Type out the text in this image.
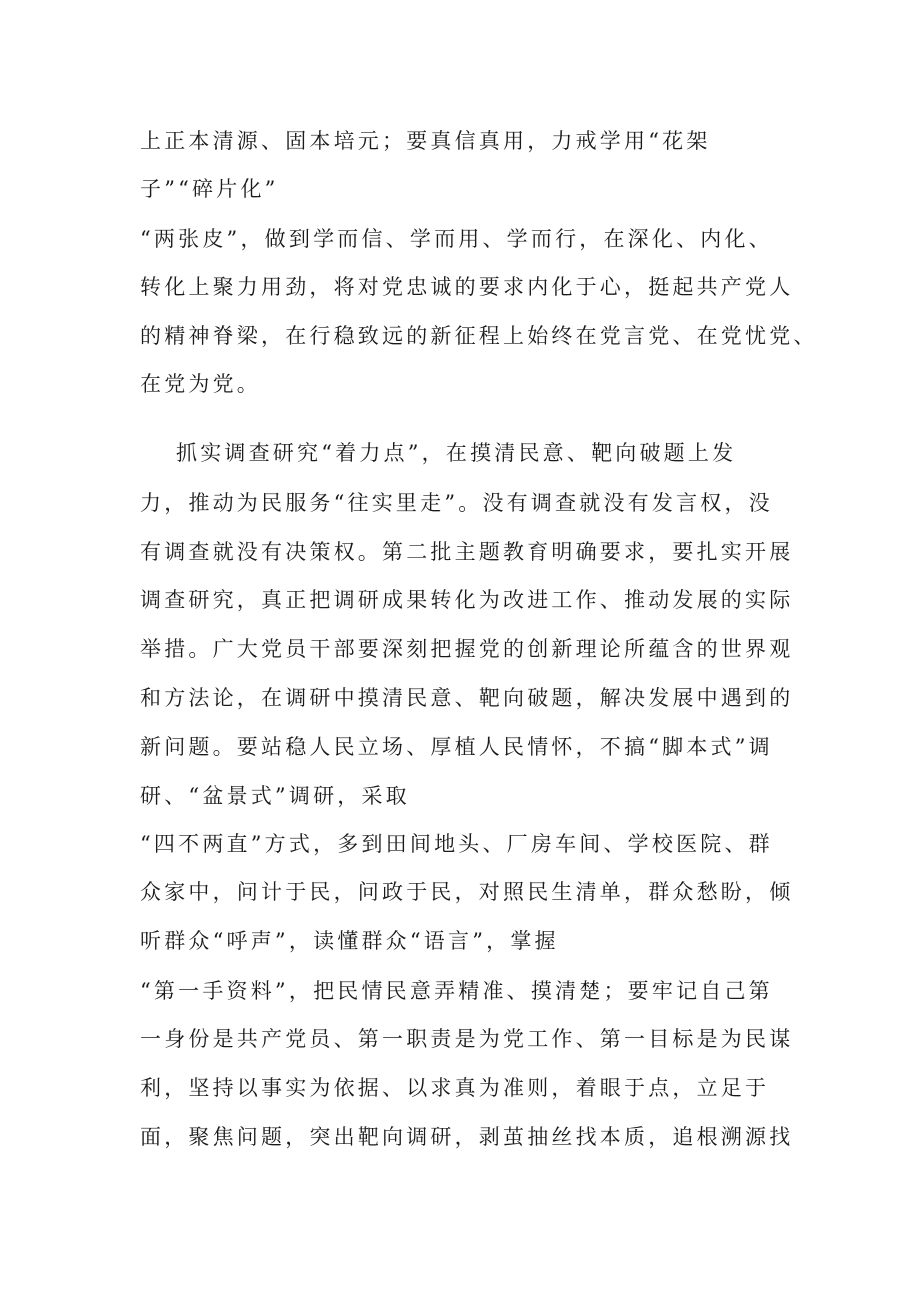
上正本清源、固本培元；要真信真用，力戒学用“花架

子”“碎片化”

“两张皮”，做到学而信、学而用、学而行，在深化、内化、

转化上聚力用劲，将对党忠诚的要求内化于心，挺起共产党人

的精神脊梁，在行稳致远的新征程上始终在党言党、在党忧党、

在党为党。

抓实调查研究“着力点”，在摸清民意、靶向破题上发

力，推动为民服务“往实里走”。没有调查就没有发言权，没

有调查就没有决策权。第二批主题教育明确要求，要扎实开展

调查研究，真正把调研成果转化为改进工作、推动发展的实际

举措。广大党员干部要深刻把握党的创新理论所蕴含的世界观

和方法论，在调研中摸清民意、靶向破题，解决发展中遇到的

新问题。要站稳人民立场、厚植人民情怀，不搞“脚本式”调

研、“盆景式”调研，采取

“四不两直”方式，多到田间地头、厂房车间、学校医院、群

众家中，问计于民，问政于民，对照民生清单，群众愁盼，倾

听群众“呼声”，读懂群众“语言”，掌握

“第一手资料”，把民情民意弄精准、摸清楚；要牢记自己第

一身份是共产党员、第一职责是为党工作、第一目标是为民谋

利，坚持以事实为依据、以求真为准则，着眼于点，立足于

面，聚焦问题，突出靶向调研，剥茧抽丝找本质，追根溯源找
